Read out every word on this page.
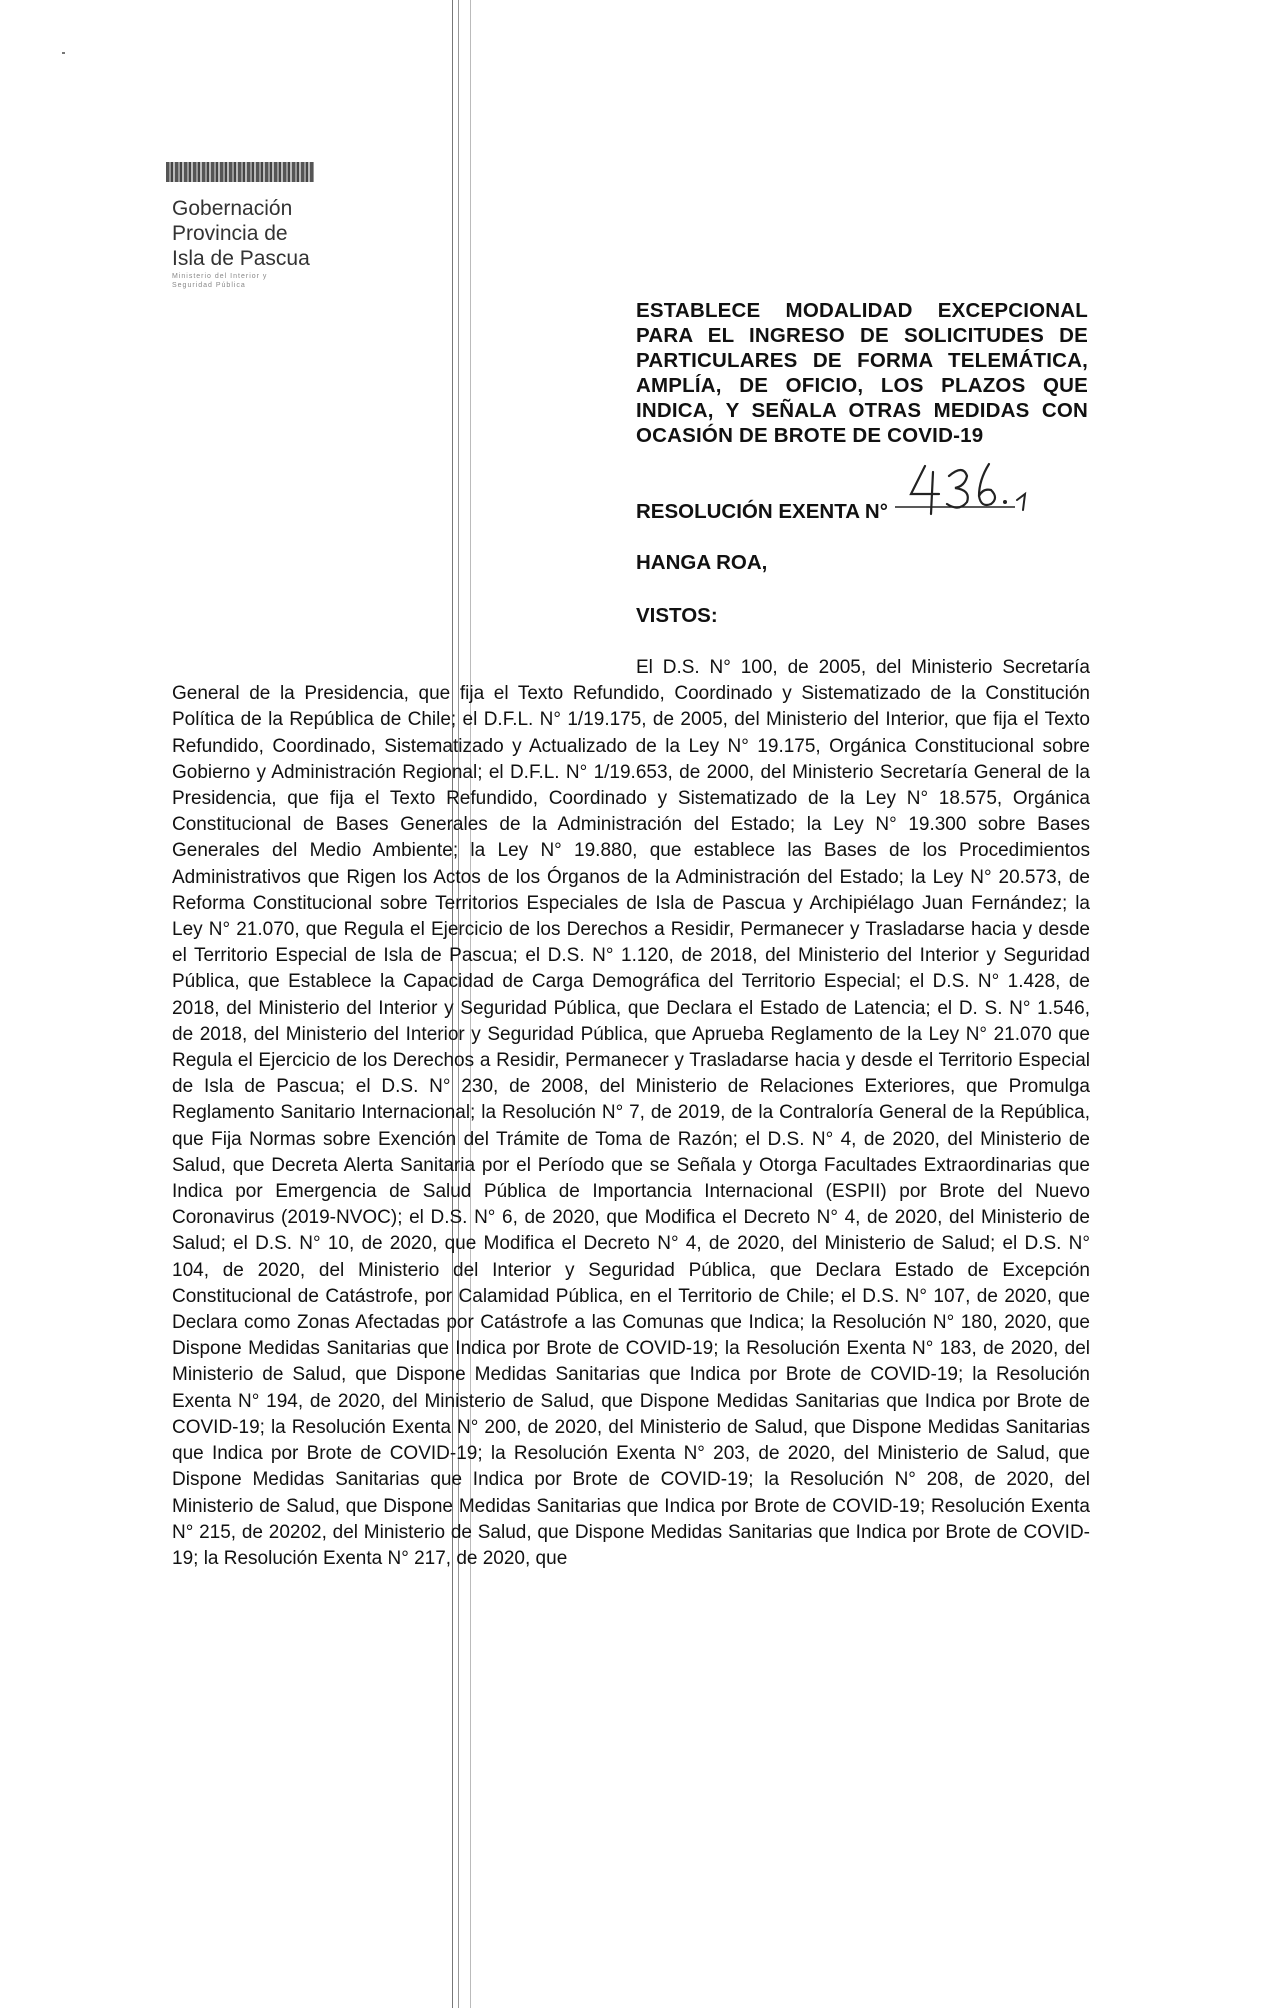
Gobernación
Provincia de
Isla de Pascua
Ministerio del Interior y Seguridad Pública
ESTABLECE MODALIDAD EXCEPCIONAL
PARA EL INGRESO DE SOLICITUDES DE
PARTICULARES DE FORMA TELEMÁTICA,
AMPLÍA, DE OFICIO, LOS PLAZOS QUE
INDICA, Y SEÑALA OTRAS MEDIDAS CON
OCASIÓN DE BROTE DE COVID-19
RESOLUCIÓN EXENTA N°
HANGA ROA,
VISTOS:
El D.S. N° 100, de 2005, del Ministerio Secretaría General de la Presidencia, que fija el Texto Refundido, Coordinado y Sistematizado de la Constitución Política de la República de Chile; el D.F.L. N° 1/19.175, de 2005, del Ministerio del Interior, que fija el Texto Refundido, Coordinado, Sistematizado y Actualizado de la Ley N° 19.175, Orgánica Constitucional sobre Gobierno y Administración Regional; el D.F.L. N° 1/19.653, de 2000, del Ministerio Secretaría General de la Presidencia, que fija el Texto Refundido, Coordinado y Sistematizado de la Ley N° 18.575, Orgánica Constitucional de Bases Generales de la Administración del Estado; la Ley N° 19.300 sobre Bases Generales del Medio Ambiente; la Ley N° 19.880, que establece las Bases de los Procedimientos Administrativos que Rigen los Actos de los Órganos de la Administración del Estado; la Ley N° 20.573, de Reforma Constitucional sobre Territorios Especiales de Isla de Pascua y Archipiélago Juan Fernández; la Ley N° 21.070, que Regula el Ejercicio de los Derechos a Residir, Permanecer y Trasladarse hacia y desde el Territorio Especial de Isla de Pascua; el D.S. N° 1.120, de 2018, del Ministerio del Interior y Seguridad Pública, que Establece la Capacidad de Carga Demográfica del Territorio Especial; el D.S. N° 1.428, de 2018, del Ministerio del Interior y Seguridad Pública, que Declara el Estado de Latencia; el D. S. N° 1.546, de 2018, del Ministerio del Interior y Seguridad Pública, que Aprueba Reglamento de la Ley N° 21.070 que Regula el Ejercicio de los Derechos a Residir, Permanecer y Trasladarse hacia y desde el Territorio Especial de Isla de Pascua; el D.S. N° 230, de 2008, del Ministerio de Relaciones Exteriores, que Promulga Reglamento Sanitario Internacional; la Resolución N° 7, de 2019, de la Contraloría General de la República, que Fija Normas sobre Exención del Trámite de Toma de Razón; el D.S. N° 4, de 2020, del Ministerio de Salud, que Decreta Alerta Sanitaria por el Período que se Señala y Otorga Facultades Extraordinarias que Indica por Emergencia de Salud Pública de Importancia Internacional (ESPII) por Brote del Nuevo Coronavirus (2019-NVOC); el D.S. N° 6, de 2020, que Modifica el Decreto N° 4, de 2020, del Ministerio de Salud; el D.S. N° 10, de 2020, que Modifica el Decreto N° 4, de 2020, del Ministerio de Salud; el D.S. N° 104, de 2020, del Ministerio del Interior y Seguridad Pública, que Declara Estado de Excepción Constitucional de Catástrofe, por Calamidad Pública, en el Territorio de Chile; el D.S. N° 107, de 2020, que Declara como Zonas Afectadas por Catástrofe a las Comunas que Indica; la Resolución N° 180, 2020, que Dispone Medidas Sanitarias que Indica por Brote de COVID-19; la Resolución Exenta N° 183, de 2020, del Ministerio de Salud, que Dispone Medidas Sanitarias que Indica por Brote de COVID-19; la Resolución Exenta N° 194, de 2020, del Ministerio de Salud, que Dispone Medidas Sanitarias que Indica por Brote de COVID-19; la Resolución Exenta N° 200, de 2020, del Ministerio de Salud, que Dispone Medidas Sanitarias que Indica por Brote de COVID-19; la Resolución Exenta N° 203, de 2020, del Ministerio de Salud, que Dispone Medidas Sanitarias que Indica por Brote de COVID-19; la Resolución N° 208, de 2020, del Ministerio de Salud, que Dispone Medidas Sanitarias que Indica por Brote de COVID-19; Resolución Exenta N° 215, de 20202, del Ministerio de Salud, que Dispone Medidas Sanitarias que Indica por Brote de COVID-19; la Resolución Exenta N° 217, de 2020, que
